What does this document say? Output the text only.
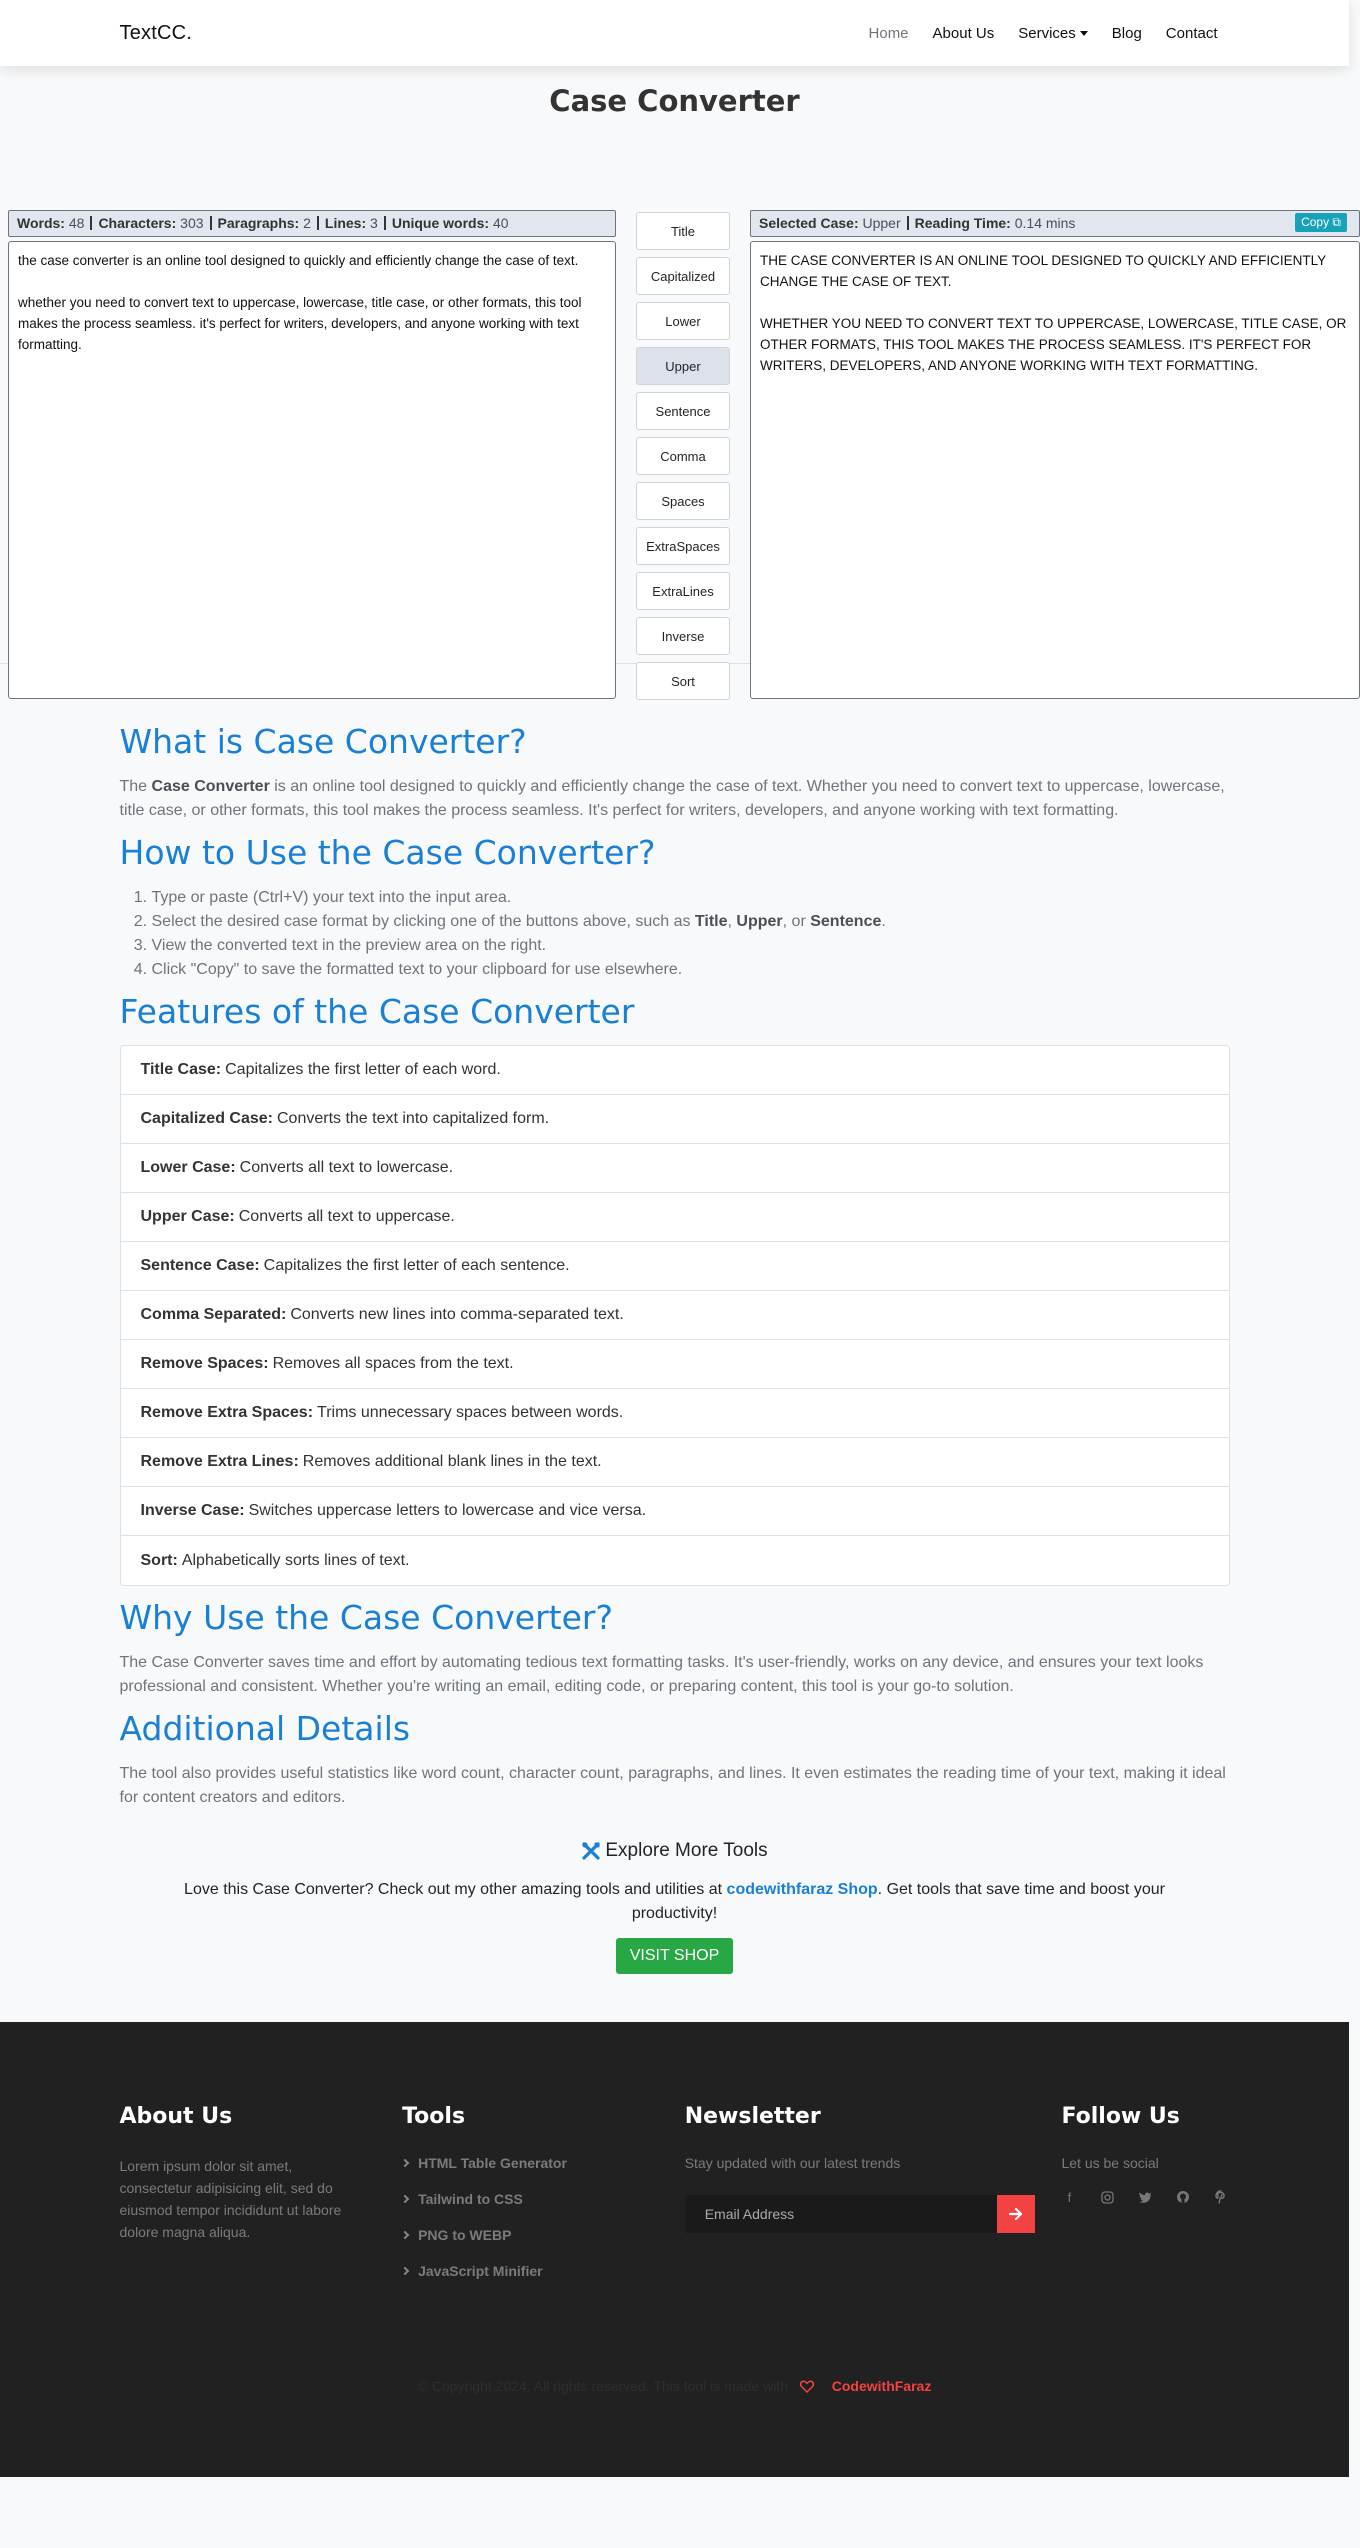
TextCC.	Home	About Us	Services	Blog	Contact
Case Converter
Words: 48 Characters: 303 Paragraphs: 2 Lines: 3 Unique words: 40
the case converter is an online tool designed to quickly and efficiently change the case of text.

whether you need to convert text to uppercase, lowercase, title case, or other formats, this tool makes the process seamless. it's perfect for writers, developers, and anyone working with text formatting.
Title
Capitalized
Lower
Upper
Sentence
Comma
Spaces
ExtraSpaces
ExtraLines
Inverse
Sort
Selected Case: Upper Reading Time: 0.14 mins	Copy ⧉
THE CASE CONVERTER IS AN ONLINE TOOL DESIGNED TO QUICKLY AND EFFICIENTLY CHANGE THE CASE OF TEXT.

WHETHER YOU NEED TO CONVERT TEXT TO UPPERCASE, LOWERCASE, TITLE CASE, OR OTHER FORMATS, THIS TOOL MAKES THE PROCESS SEAMLESS. IT'S PERFECT FOR WRITERS, DEVELOPERS, AND ANYONE WORKING WITH TEXT FORMATTING.
What is Case Converter?

The Case Converter is an online tool designed to quickly and efficiently change the case of text. Whether you need to convert text to uppercase, lowercase, title case, or other formats, this tool makes the process seamless. It's perfect for writers, developers, and anyone working with text formatting.

How to Use the Case Converter?
1. Type or paste (Ctrl+V) your text into the input area.
2. Select the desired case format by clicking one of the buttons above, such as Title, Upper, or Sentence.
3. View the converted text in the preview area on the right.
4. Click "Copy" to save the formatted text to your clipboard for use elsewhere.
Features of the Case Converter
Title Case: Capitalizes the first letter of each word.
Capitalized Case: Converts the text into capitalized form.
Lower Case: Converts all text to lowercase.
Upper Case: Converts all text to uppercase.
Sentence Case: Capitalizes the first letter of each sentence.
Comma Separated: Converts new lines into comma-separated text.
Remove Spaces: Removes all spaces from the text.
Remove Extra Spaces: Trims unnecessary spaces between words.
Remove Extra Lines: Removes additional blank lines in the text.
Inverse Case: Switches uppercase letters to lowercase and vice versa.
Sort: Alphabetically sorts lines of text.
Why Use the Case Converter?

The Case Converter saves time and effort by automating tedious text formatting tasks. It's user-friendly, works on any device, and ensures your text looks professional and consistent. Whether you're writing an email, editing code, or preparing content, this tool is your go-to solution.

Additional Details

The tool also provides useful statistics like word count, character count, paragraphs, and lines. It even estimates the reading time of your text, making it ideal for content creators and editors.

Explore More Tools

Love this Case Converter? Check out my other amazing tools and utilities at codewithfaraz Shop. Get tools that save time and boost your productivity!

VISIT SHOP
About Us

Lorem ipsum dolor sit amet, consectetur adipisicing elit, sed do eiusmod tempor incididunt ut labore dolore magna aliqua.

Tools
HTML Table Generator
Tailwind to CSS
PNG to WEBP
JavaScript Minifier
Newsletter

Stay updated with our latest trends

Email Address
Follow Us

Let us be social

f
© Copyright 2024. All rights reserved. This tool is made with	CodewithFaraz
